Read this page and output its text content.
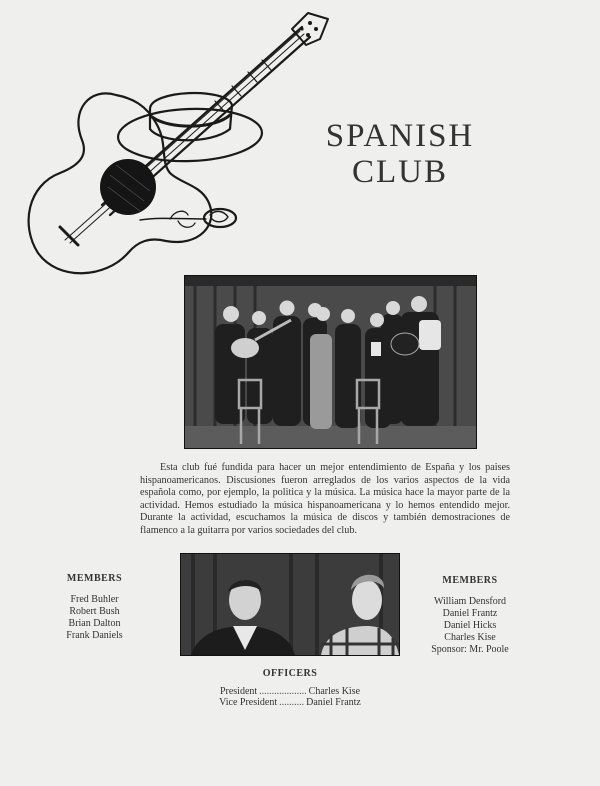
SPANISH
CLUB
Esta club fué fundida para hacer un mejor entendimiento de España y los paises hispanoamericanos. Discusiones fueron arreglados de los varios aspectos de la vida española como, por ejemplo, la politica y la música. La música hace la mayor parte de la actividad. Hemos estudiado la música hispanoamericana y lo hemos entendido mejor. Durante la actividad, escuchamos la música de discos y también demostraciones de flamenco a la guitarra por varios sociedades del club.
MEMBERS
Fred Buhler
Robert Bush
Brian Dalton
Frank Daniels
MEMBERS
William Densford
Daniel Frantz
Daniel Hicks
Charles Kise
Sponsor: Mr. Poole
OFFICERS
President ................... Charles Kise
Vice President .......... Daniel Frantz
